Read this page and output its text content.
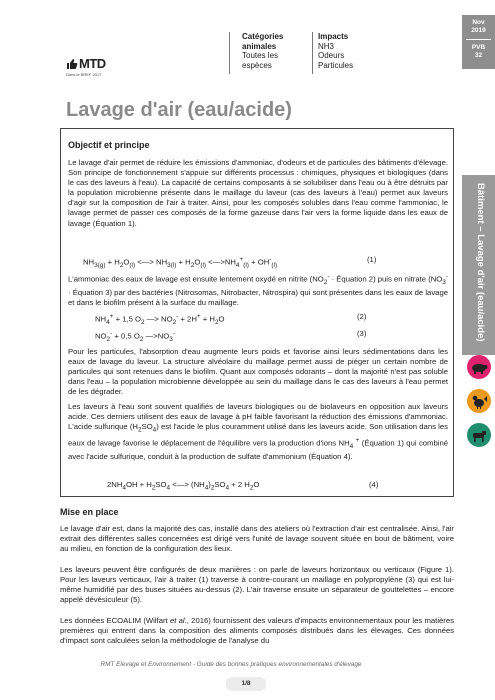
MTD
Dans le BREF 2017
Catégories
animales
Toutes les
espèces
Impacts
NH3
Odeurs
Particules
Nov
2019
PVB
32
Bâtiment – Lavage d'air (eau/acide)
Lavage d'air (eau/acide)
Objectif et principe
Le lavage d'air permet de réduire les émissions d'ammoniac, d'odeurs et de particules des bâtiments d'élevage. Son principe de fonctionnement s'appuie sur différents processus : chimiques, physiques et biologiques (dans le cas des laveurs à l'eau). La capacité de certains composants à se solubiliser dans l'eau ou à être détruits par la population microbienne présente dans le maillage du laveur (cas des laveurs à l'eau) permet aux laveurs d'agir sur la composition de l'air à traiter. Ainsi, pour les composés solubles dans l'eau comme l'ammoniac, le lavage permet de passer ces composés de la forme gazeuse dans l'air vers la forme liquide dans les eaux de lavage (Équation 1).
$NH_{3(g)} + H_2O_{(l)}$ <—> $NH_{3(l)} + H_2O_{(l)}$ $<—>NH_4^+_{(l)} + OH^-_{(l)}$
(1)
L'ammoniac des eaux de lavage est ensuite lentement oxydé en nitrite ($NO_2^-$ · Équation 2) puis en nitrate ($NO_3^-$ · Équation 3) par des bactéries (Nitrosomas, Nitrobacter, Nitrospira) qui sont présentes dans les eaux de lavage et dans le biofilm présent à la surface du maillage.
$NH_4^+ + 1,5$ $O_2$ —> $NO_2^- + 2H^+ + H_2O$	(2)
$NO_2^- + 0,5$ $O_2$ $—>NO_3^-$	(3)
Pour les particules, l'absorption d'eau augmente leurs poids et favorise ainsi leurs sédimentations dans les eaux de lavage du laveur. La structure alvéolaire du maillage permet aussi de piéger un certain nombre de particules qui sont retenues dans le biofilm. Quant aux composés odorants – dont la majorité n'est pas soluble dans l'eau – la population microbienne développée au sein du maillage dans le cas des laveurs à l'eau permet de les dégrader.
Les laveurs à l'eau sont souvent qualifiés de laveurs biologiques ou de biolaveurs en opposition aux laveurs acide. Ces derniers utilisent des eaux de lavage à pH faible favorisant la réduction des émissions d'ammoniac. L'acide sulfurique $(H_2SO_4)$ est l'acide le plus couramment utilisé dans les laveurs acide. Son utilisation dans les eaux de lavage favorise le déplacement de l'équilibre vers la production d'ions $NH_4$ + (Équation 1) qui combiné avec l'acide sulfurique, conduit à la production de sulfate d'ammonium (Équation 4).
$2NH_4OH + H_2SO_4$ <—> $(NH_4)_2SO_4 + 2$ $H_2O$	(4)
Mise en place
Le lavage d'air est, dans la majorité des cas, installé dans des ateliers où l'extraction d'air est centralisée. Ainsi, l'air extrait des différentes salles concernées est dirigé vers l'unité de lavage souvent située en bout de bâtiment, voire au milieu, en fonction de la configuration des lieux.
Les laveurs peuvent être configurés de deux manières : on parle de laveurs horizontaux ou verticaux (Figure 1). Pour les laveurs verticaux, l'air à traiter (1) traverse à contre-courant un maillage en polypropylène (3) qui est lui-même humidifié par des buses situées au-dessus (2). L'air traverse ensuite un séparateur de gouttelettes – encore appelé dévésiculeur (5).
Les données ECOALIM (Wilfart et al., 2016) fournissent des valeurs d'impacts environnementaux pour les matières premières qui entrent dans la composition des aliments composés distribués dans les élevages. Ces données d'impact sont calculées selon la méthodologie de l'analyse du
RMT Elevage et Environnement - Guide des bonnes pratiques environnementales d'élevage
1/8
